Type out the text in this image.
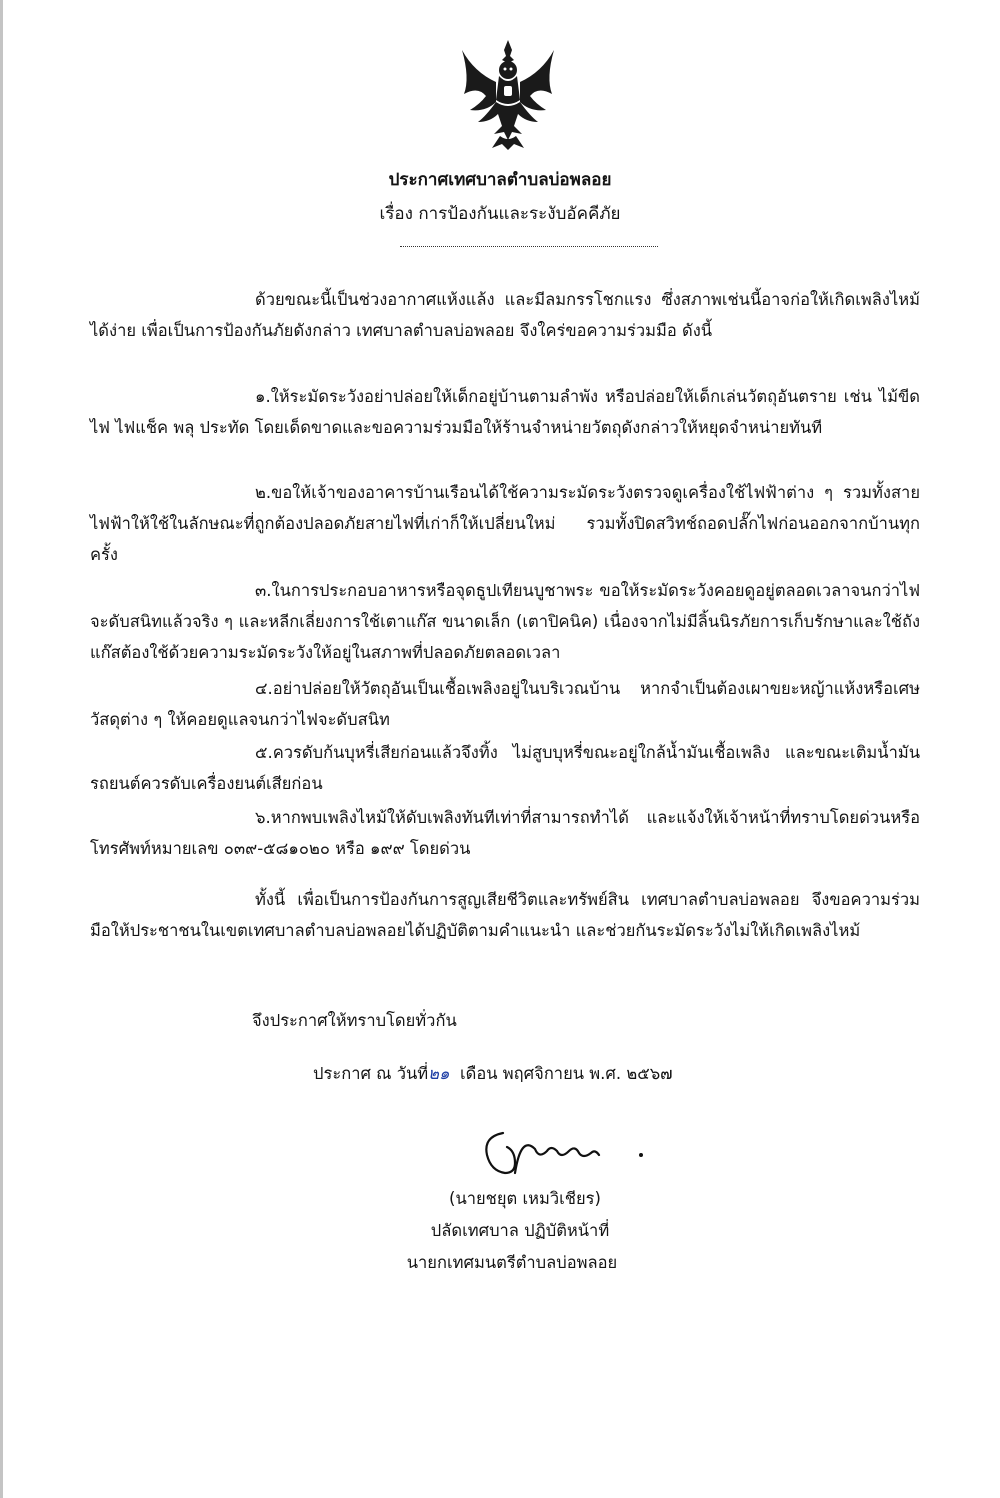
ประกาศเทศบาลตำบลบ่อพลอย
เรื่อง การป้องกันและระงับอัคคีภัย

ด้วยขณะนี้เป็นช่วงอากาศแห้งแล้ง และมีลมกรรโชกแรง ซึ่งสภาพเช่นนี้อาจก่อให้เกิดเพลิงไหม้ได้ง่าย เพื่อเป็นการป้องกันภัยดังกล่าว เทศบาลตำบลบ่อพลอย จึงใคร่ขอความร่วมมือ ดังนี้

๑.ให้ระมัดระวังอย่าปล่อยให้เด็กอยู่บ้านตามลำพัง หรือปล่อยให้เด็กเล่นวัตถุอันตราย เช่น ไม้ขีดไฟ ไฟแช็ค พลุ ประทัด โดยเด็ดขาดและขอความร่วมมือให้ร้านจำหน่ายวัตถุดังกล่าวให้หยุดจำหน่ายทันที

๒.ขอให้เจ้าของอาคารบ้านเรือนได้ใช้ความระมัดระวังตรวจดูเครื่องใช้ไฟฟ้าต่าง ๆ รวมทั้งสายไฟฟ้าให้ใช้ในลักษณะที่ถูกต้องปลอดภัยสายไฟที่เก่าก็ให้เปลี่ยนใหม่ รวมทั้งปิดสวิทช์ถอดปลั๊กไฟก่อนออกจากบ้านทุกครั้ง

๓.ในการประกอบอาหารหรือจุดธูปเทียนบูชาพระ ขอให้ระมัดระวังคอยดูอยู่ตลอดเวลาจนกว่าไฟจะดับสนิทแล้วจริง ๆ และหลีกเลี่ยงการใช้เตาแก๊ส ขนาดเล็ก (เตาปิคนิค) เนื่องจากไม่มีลิ้นนิรภัยการเก็บรักษาและใช้ถังแก๊สต้องใช้ด้วยความระมัดระวังให้อยู่ในสภาพที่ปลอดภัยตลอดเวลา

๔.อย่าปล่อยให้วัตถุอันเป็นเชื้อเพลิงอยู่ในบริเวณบ้าน หากจำเป็นต้องเผาขยะหญ้าแห้งหรือเศษวัสดุต่าง ๆ ให้คอยดูแลจนกว่าไฟจะดับสนิท

๕.ควรดับก้นบุหรี่เสียก่อนแล้วจึงทิ้ง ไม่สูบบุหรี่ขณะอยู่ใกล้น้ำมันเชื้อเพลิง และขณะเติมน้ำมันรถยนต์ควรดับเครื่องยนต์เสียก่อน

๖.หากพบเพลิงไหม้ให้ดับเพลิงทันทีเท่าที่สามารถทำได้ และแจ้งให้เจ้าหน้าที่ทราบโดยด่วนหรือโทรศัพท์หมายเลข ๐๓๙-๕๘๑๐๒๐ หรือ ๑๙๙ โดยด่วน

ทั้งนี้ เพื่อเป็นการป้องกันการสูญเสียชีวิตและทรัพย์สิน เทศบาลตำบลบ่อพลอย จึงขอความร่วมมือให้ประชาชนในเขตเทศบาลตำบลบ่อพลอยได้ปฏิบัติตามคำแนะนำ และช่วยกันระมัดระวังไม่ให้เกิดเพลิงไหม้

จึงประกาศให้ทราบโดยทั่วกัน

ประกาศ ณ วันที่๒๑ เดือน พฤศจิกายน พ.ศ. ๒๕๖๗

(นายชยุต เหมวิเชียร)
ปลัดเทศบาล ปฏิบัติหน้าที่
นายกเทศมนตรีตำบลบ่อพลอย
